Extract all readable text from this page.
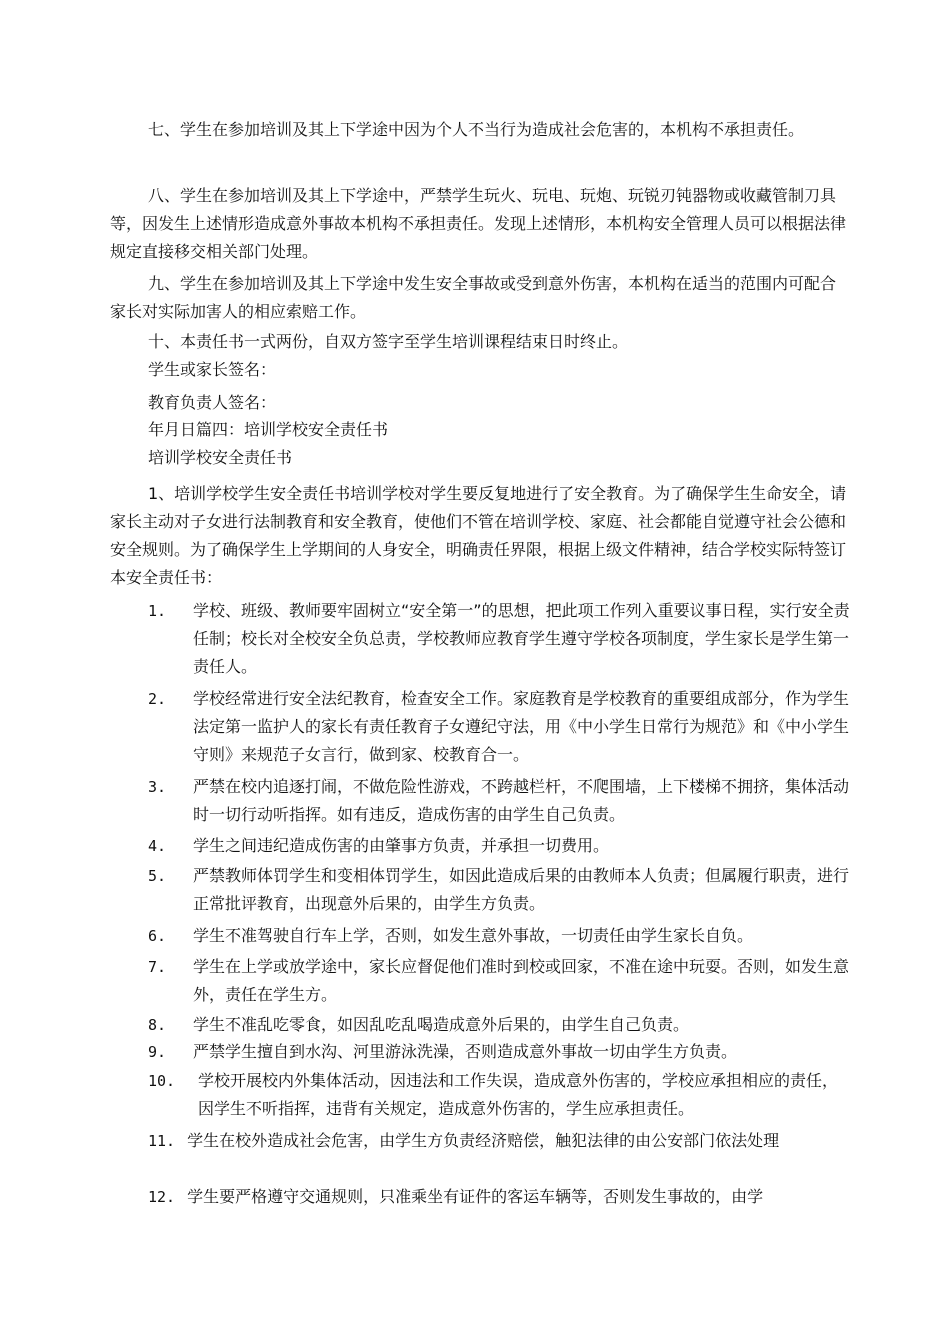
七、学生在参加培训及其上下学途中因为个人不当行为造成社会危害的，本机构不承担责任。
八、学生在参加培训及其上下学途中，严禁学生玩火、玩电、玩炮、玩锐刃钝器物或收藏管制刀具等，因发生上述情形造成意外事故本机构不承担责任。发现上述情形，本机构安全管理人员可以根据法律规定直接移交相关部门处理。
九、学生在参加培训及其上下学途中发生安全事故或受到意外伤害，本机构在适当的范围内可配合家长对实际加害人的相应索赔工作。
十、本责任书一式两份，自双方签字至学生培训课程结束日时终止。
学生或家长签名：
教育负责人签名：
年月日篇四：培训学校安全责任书
培训学校安全责任书
1、培训学校学生安全责任书培训学校对学生要反复地进行了安全教育。为了确保学生生命安全，请家长主动对子女进行法制教育和安全教育，使他们不管在培训学校、家庭、社会都能自觉遵守社会公德和安全规则。为了确保学生上学期间的人身安全，明确责任界限，根据上级文件精神，结合学校实际特签订本安全责任书：
1. 学校、班级、教师要牢固树立“安全第一”的思想，把此项工作列入重要议事日程，实行安全责任制；校长对全校安全负总责，学校教师应教育学生遵守学校各项制度，学生家长是学生第一责任人。
2. 学校经常进行安全法纪教育，检查安全工作。家庭教育是学校教育的重要组成部分，作为学生法定第一监护人的家长有责任教育子女遵纪守法，用《中小学生日常行为规范》和《中小学生守则》来规范子女言行，做到家、校教育合一。
3. 严禁在校内追逐打闹，不做危险性游戏，不跨越栏杆，不爬围墙，上下楼梯不拥挤，集体活动时一切行动听指挥。如有违反，造成伤害的由学生自己负责。
4. 学生之间违纪造成伤害的由肇事方负责，并承担一切费用。
5. 严禁教师体罚学生和变相体罚学生，如因此造成后果的由教师本人负责；但属履行职责，进行正常批评教育，出现意外后果的，由学生方负责。
6. 学生不准驾驶自行车上学，否则，如发生意外事故，一切责任由学生家长自负。
7. 学生在上学或放学途中，家长应督促他们准时到校或回家，不准在途中玩耍。否则，如发生意外，责任在学生方。
8. 学生不准乱吃零食，如因乱吃乱喝造成意外后果的，由学生自己负责。
9. 严禁学生擅自到水沟、河里游泳洗澡，否则造成意外事故一切由学生方负责。
10. 学校开展校内外集体活动，因违法和工作失误，造成意外伤害的，学校应承担相应的责任，因学生不听指挥，违背有关规定，造成意外伤害的，学生应承担责任。
11. 学生在校外造成社会危害，由学生方负责经济赔偿，触犯法律的由公安部门依法处理
12. 学生要严格遵守交通规则，只准乘坐有证件的客运车辆等，否则发生事故的，由学
